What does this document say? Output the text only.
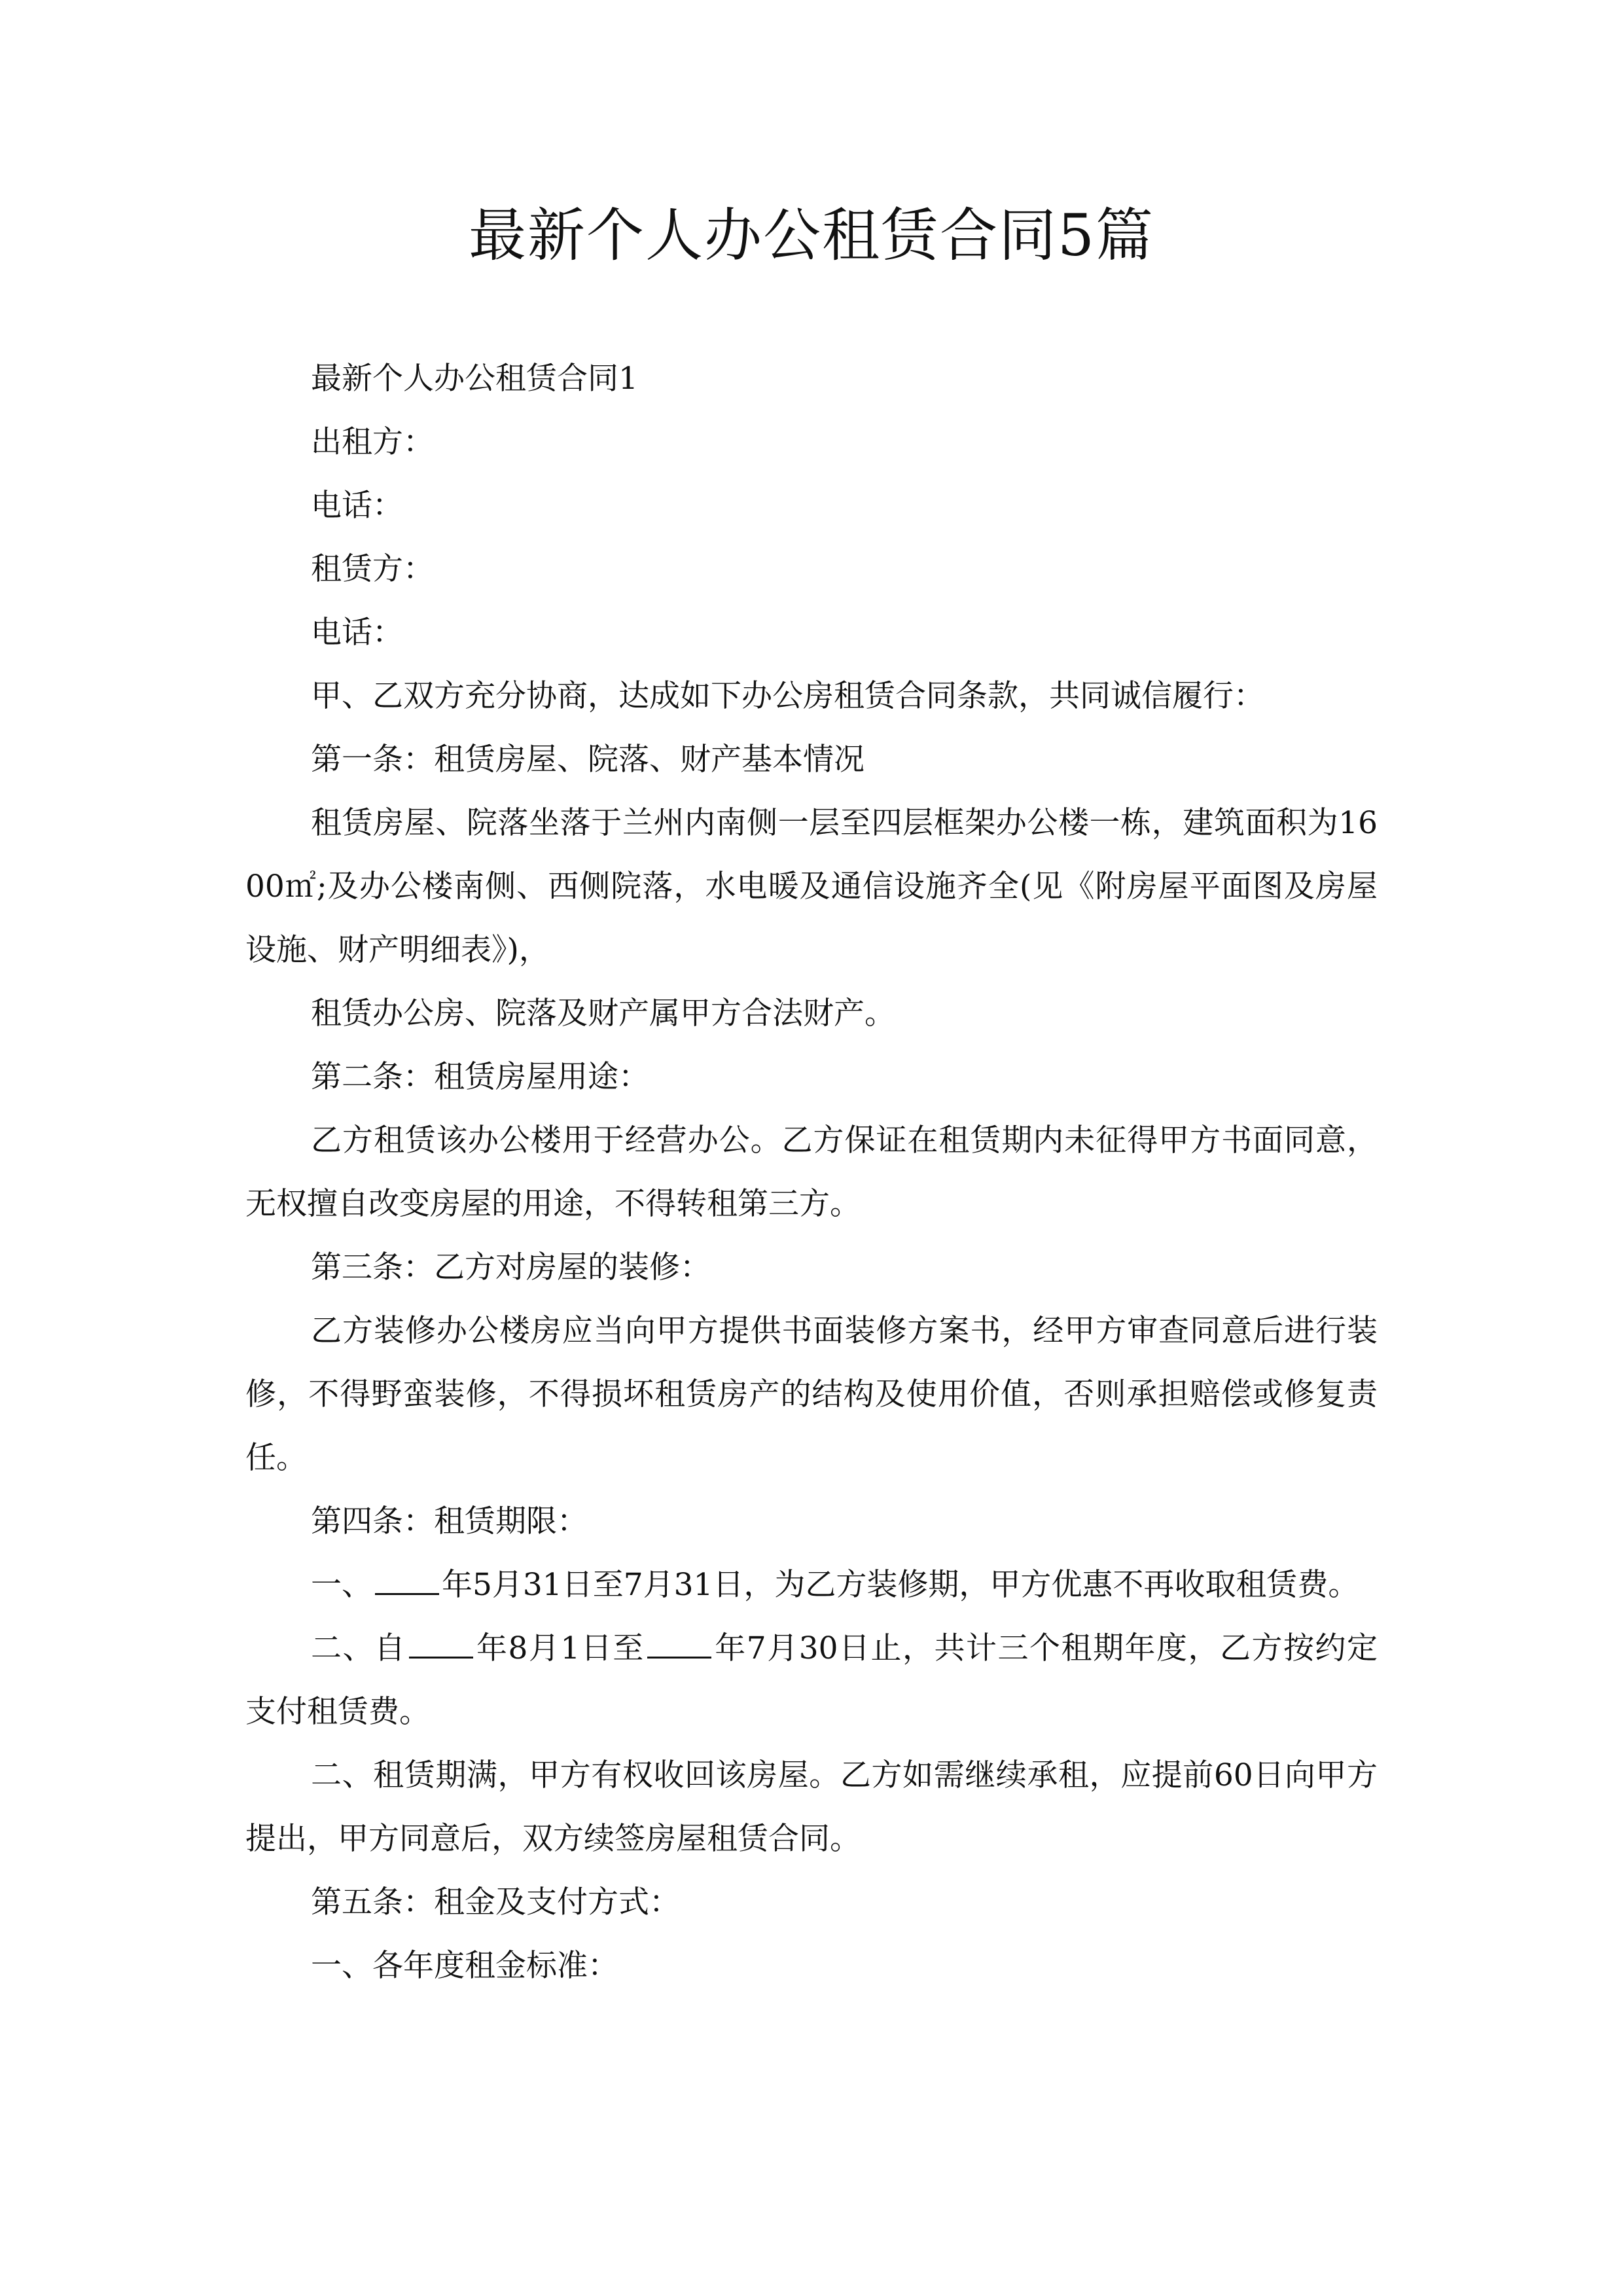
最新个人办公租赁合同5篇

最新个人办公租赁合同1

出租方：

电话：

租赁方：

电话：

甲、乙双方充分协商，达成如下办公房租赁合同条款，共同诚信履行：

第一条：租赁房屋、院落、财产基本情况

租赁房屋、院落坐落于兰州内南侧一层至四层框架办公楼一栋，建筑面积为1600㎡;及办公楼南侧、西侧院落，水电暖及通信设施齐全(见《附房屋平面图及房屋设施、财产明细表》)，

租赁办公房、院落及财产属甲方合法财产。

第二条：租赁房屋用途：

乙方租赁该办公楼用于经营办公。乙方保证在租赁期内未征得甲方书面同意，无权擅自改变房屋的用途，不得转租第三方。

第三条：乙方对房屋的装修：

乙方装修办公楼房应当向甲方提供书面装修方案书，经甲方审查同意后进行装修，不得野蛮装修，不得损坏租赁房产的结构及使用价值，否则承担赔偿或修复责任。

第四条：租赁期限：

一、 年5月31日至7月31日，为乙方装修期，甲方优惠不再收取租赁费。

二、自 年8月1日至 年7月30日止，共计三个租期年度，乙方按约定支付租赁费。

二、租赁期满，甲方有权收回该房屋。乙方如需继续承租，应提前60日向甲方提出，甲方同意后，双方续签房屋租赁合同。

第五条：租金及支付方式：

一、各年度租金标准：
